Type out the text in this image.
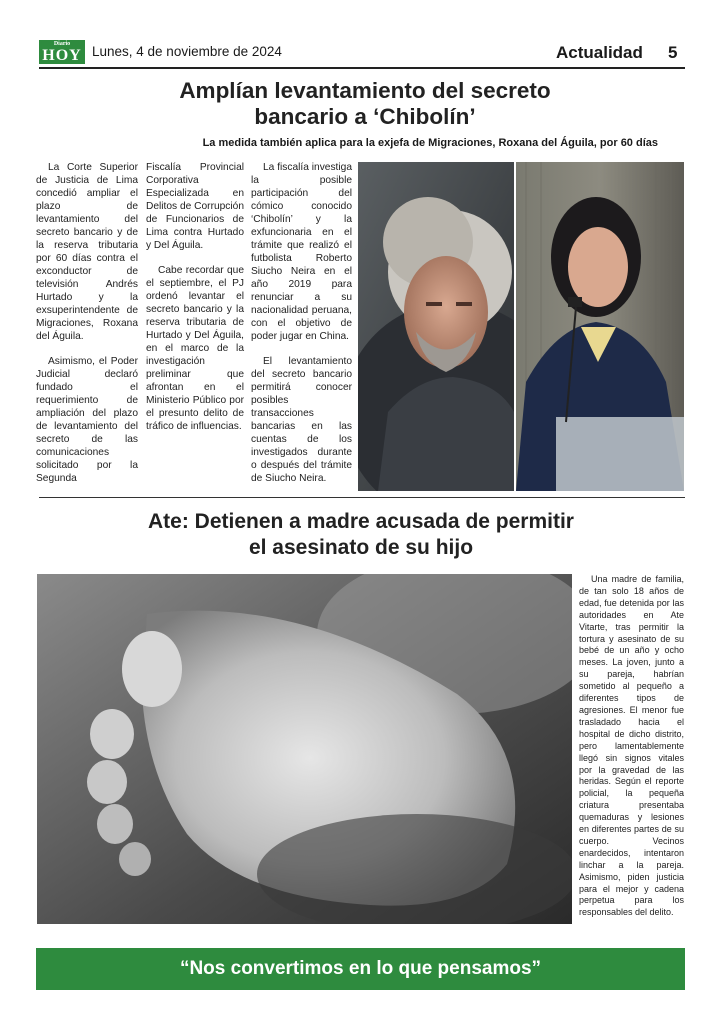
Diario
HOY Lunes, 4 de noviembre de 2024	Actualidad 5
Amplían levantamiento del secreto
bancario a ‘Chibolín’
La medida también aplica para la exjefa de Migraciones, Roxana del Águila, por 60 días

La Corte Superior de Justicia de Lima concedió ampliar el plazo de levantamiento del secreto bancario y de la reserva tributaria por 60 días contra el exconductor de televisión Andrés Hurtado y la exsuperintendente de Migraciones, Roxana del Águila.

Asimismo, el Poder Judicial declaró fundado el requerimiento de ampliación del plazo de levantamiento del secreto de las comunicaciones solicitado por la Segunda

Fiscalía Provincial Corporativa Especializada en Delitos de Corrupción de Funcionarios de Lima contra Hurtado y Del Águila.

Cabe recordar que el septiembre, el PJ ordenó levantar el secreto bancario y la reserva tributaria de Hurtado y Del Águila, en el marco de la investigación preliminar que afrontan en el Ministerio Público por el presunto delito de tráfico de influencias.

La fiscalía investiga la posible participación del cómico conocido ‘Chibolín’ y la exfuncionaria en el trámite que realizó el futbolista Roberto Siucho Neira en el año 2019 para renunciar a su nacionalidad peruana, con el objetivo de poder jugar en China.

El levantamiento del secreto bancario permitirá conocer posibles transacciones bancarias en las cuentas de los investigados durante o después del trámite de Siucho Neira.

Ate: Detienen a madre acusada de permitir
el asesinato de su hijo

Una madre de familia, de tan solo 18 años de edad, fue detenida por las autoridades en Ate Vitarte, tras permitir la tortura y asesinato de su bebé de un año y ocho meses. La joven, junto a su pareja, habrían sometido al pequeño a diferentes tipos de agresiones. El menor fue trasladado hacia el hospital de dicho distrito, pero lamentablemente llegó sin signos vitales por la gravedad de las heridas. Según el reporte policial, la pequeña criatura presentaba quemaduras y lesiones en diferentes partes de su cuerpo. Vecinos enardecidos, intentaron linchar a la pareja. Asimismo, piden justicia para el mejor y cadena perpetua para los responsables del delito.

“Nos convertimos en lo que pensamos”
